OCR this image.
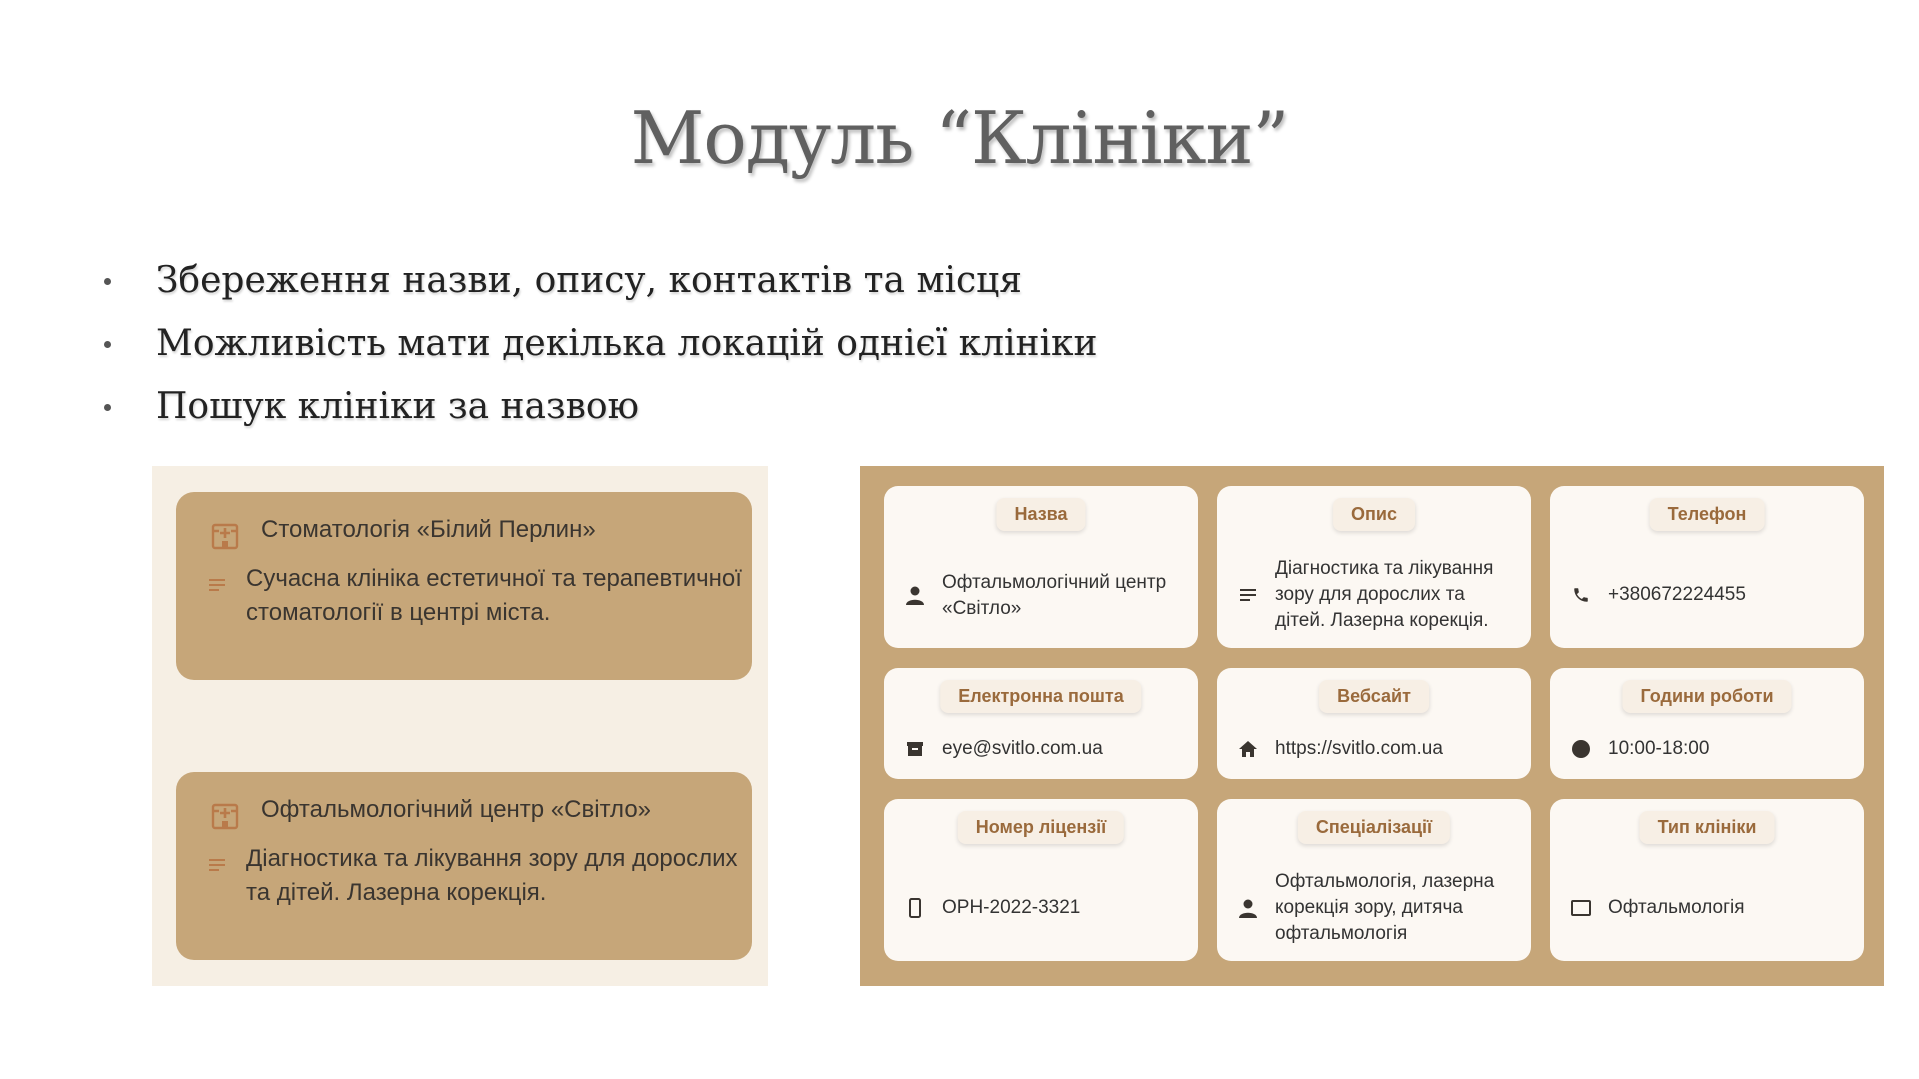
Модуль “Клініки”
Збереження назви, опису, контактів та місця
Можливість мати декілька локацій однієї клініки
Пошук клініки за назвою
Стоматологія «Білий Перлин»
Сучасна клініка естетичної та терапевтичної стоматології в центрі міста.
Офтальмологічний центр «Світло»
Діагностика та лікування зору для дорослих та дітей. Лазерна корекція.
Назва
Офтальмологічний центр «Світло»
Опис
Діагностика та лікування зору для дорослих та дітей. Лазерна корекція.
Телефон
+380672224455
Електронна пошта
eye@svitlo.com.ua
Вебсайт
https://svitlo.com.ua
Години роботи
10:00-18:00
Номер ліцензії
OPH-2022-3321
Спеціалізації
Офтальмологія, лазерна корекція зору, дитяча офтальмологія
Тип клініки
Офтальмологія
